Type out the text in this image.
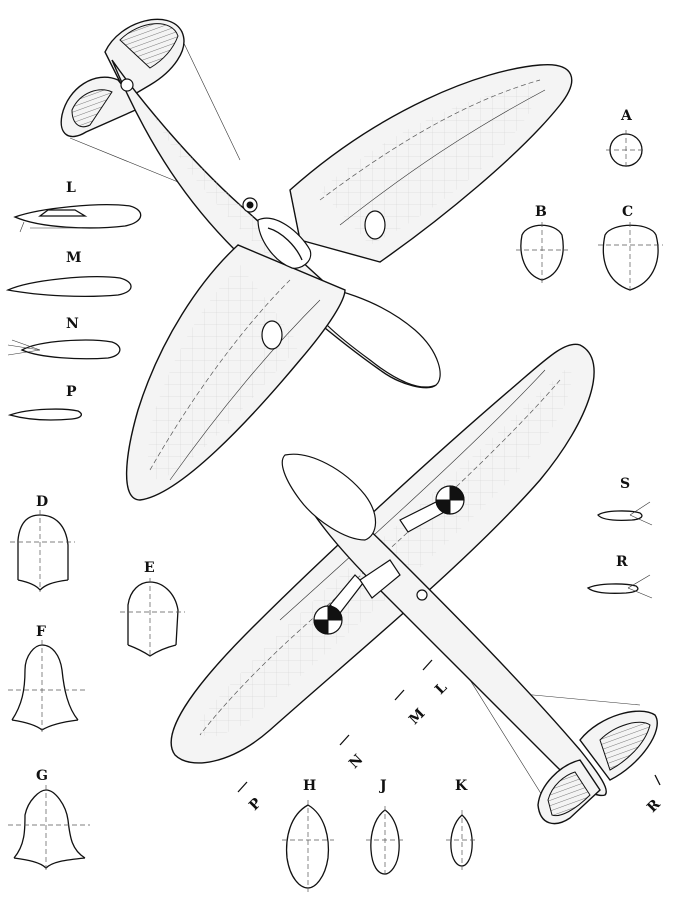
A
B	C
L
M
N
P
D
E
F
G
H	J	K
S
R
L
M
N
P	R
